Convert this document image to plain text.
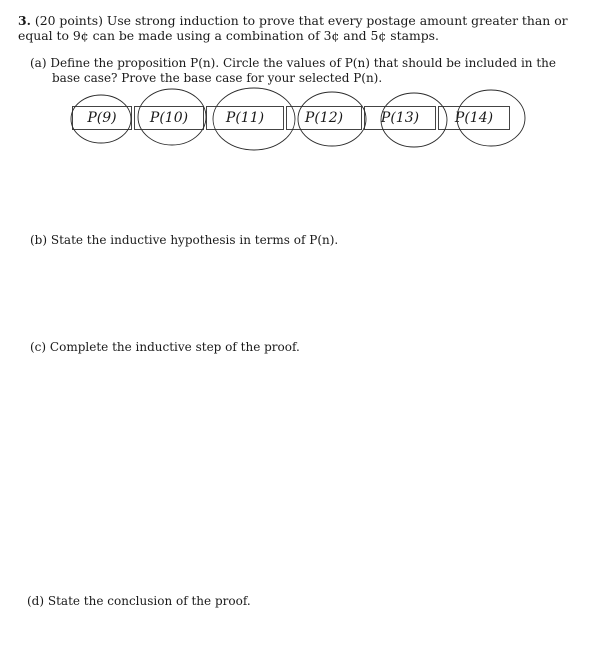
3. (20 points) Use strong induction to prove that every postage amount greater than or equal to 9¢ can be made using a combination of 3¢ and 5¢ stamps.
(a) Define the proposition P(n). Circle the values of P(n) that should be included in the
base case? Prove the base case for your selected P(n).
P(9) P(10)	P(11)	P(12)	P(13)	P(14)
(b) State the inductive hypothesis in terms of P(n).
(c) Complete the inductive step of the proof.
(d) State the conclusion of the proof.
